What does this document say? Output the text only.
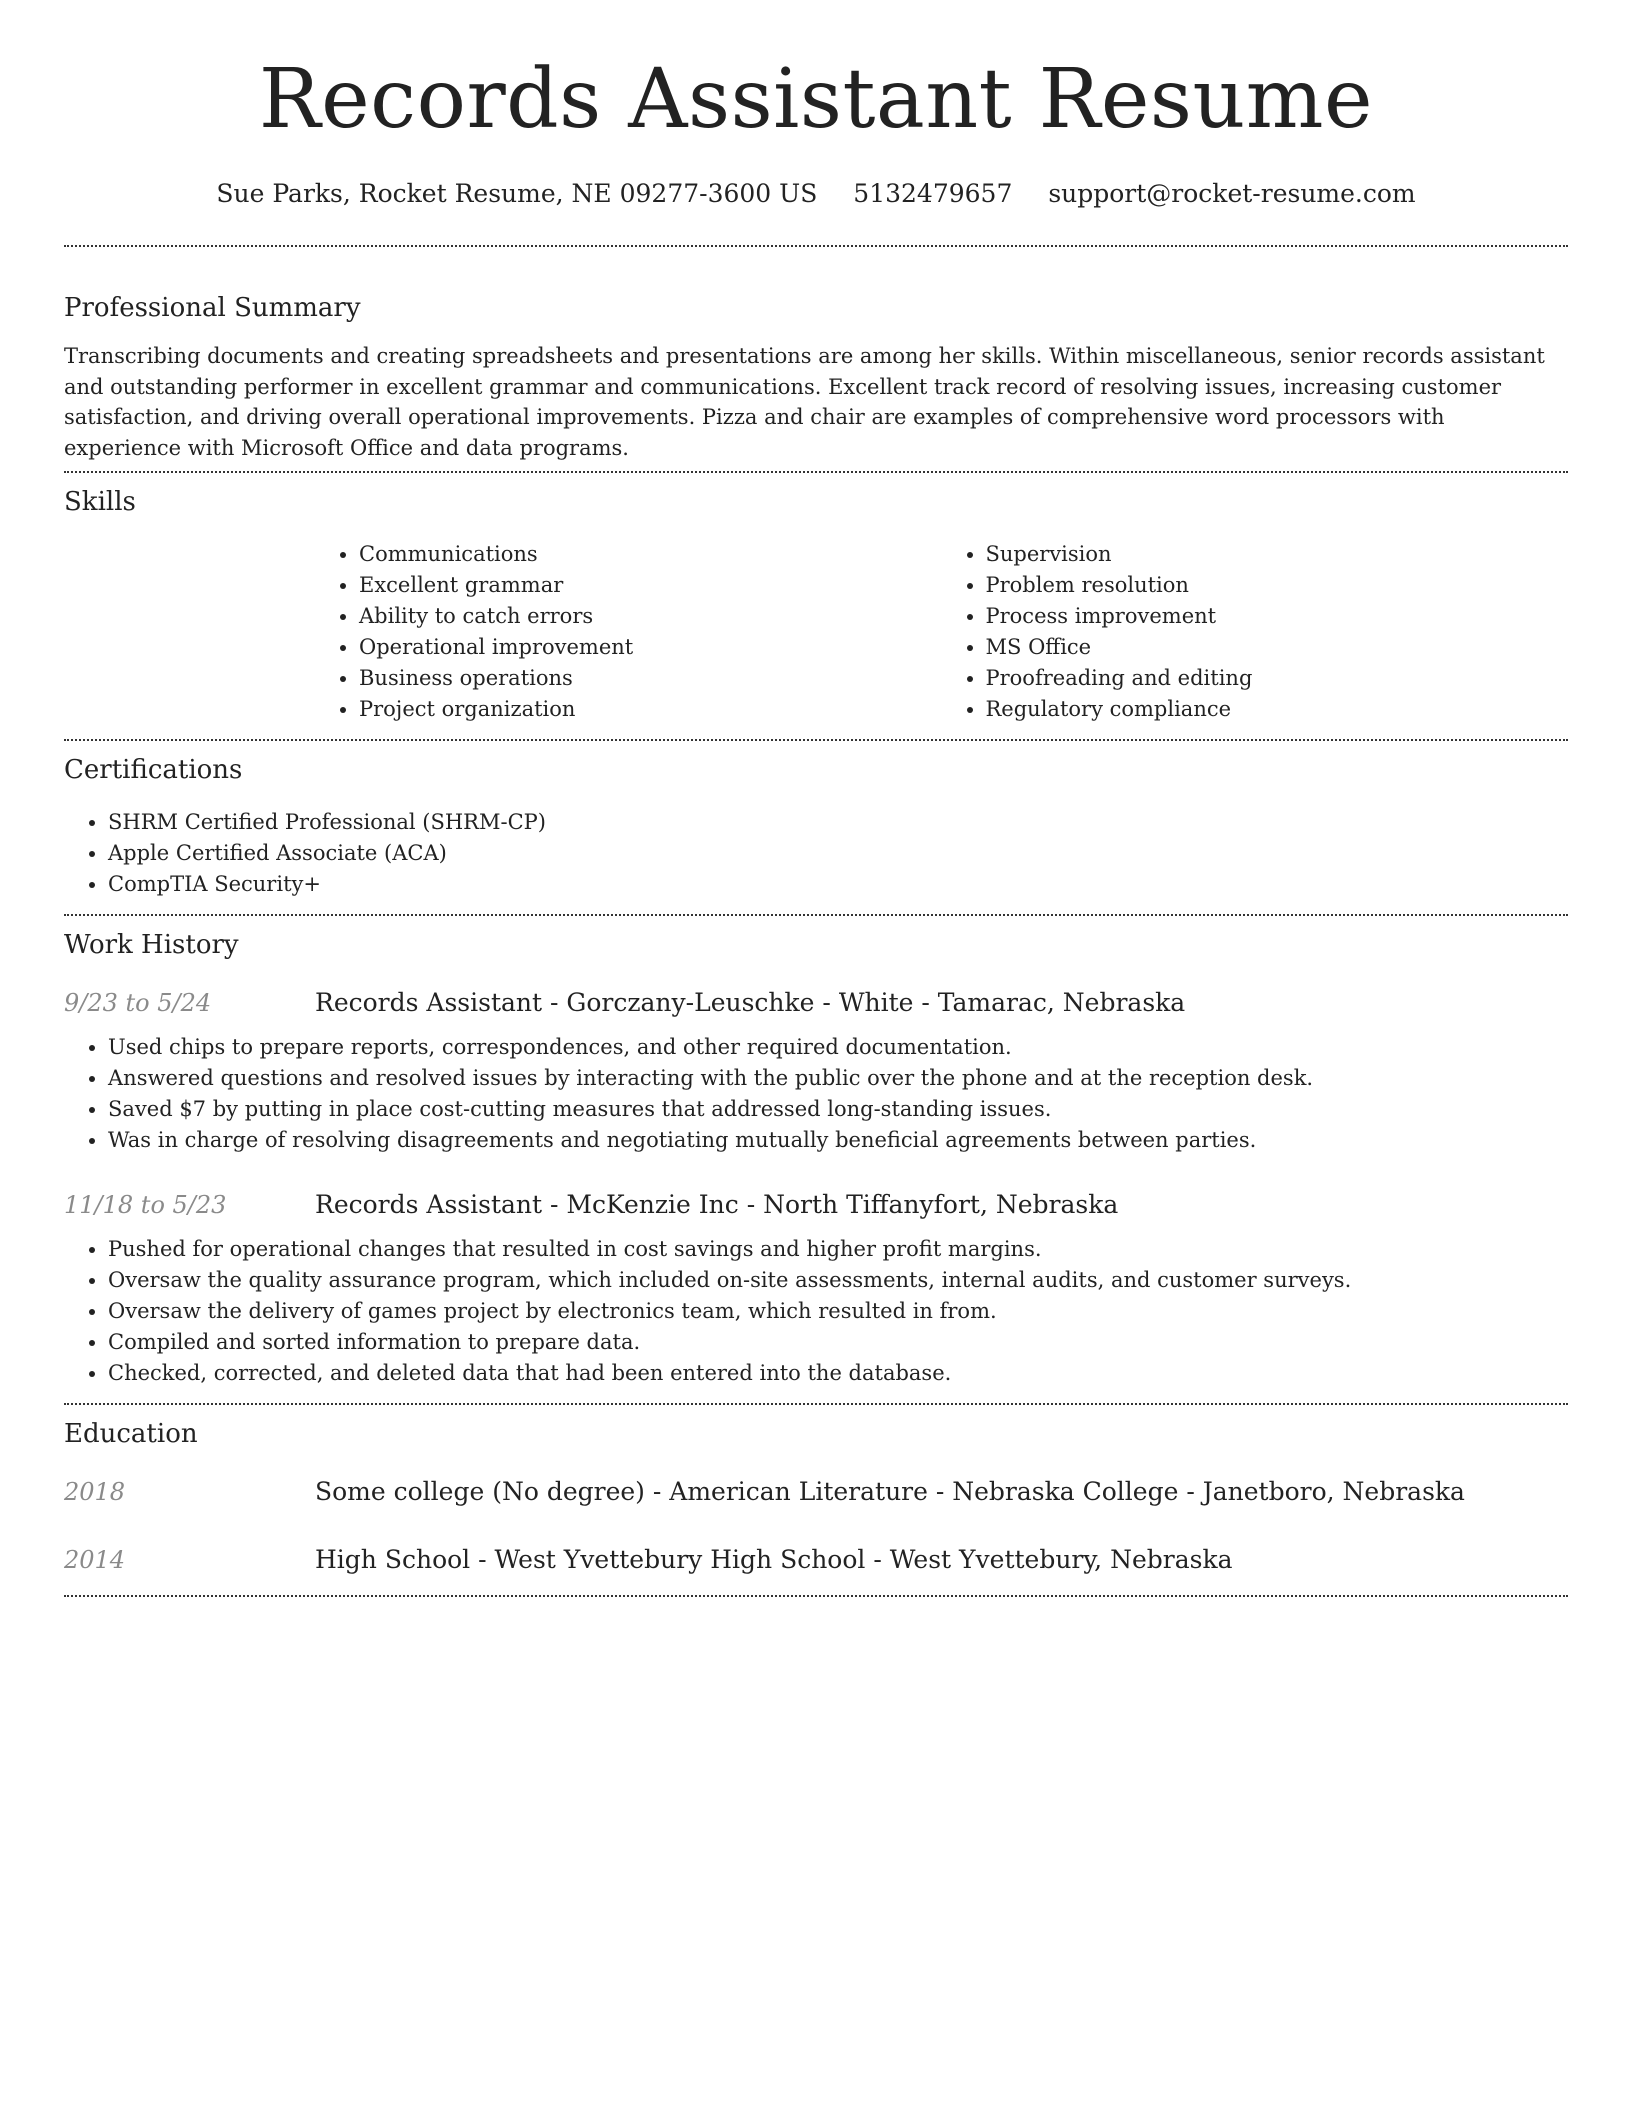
Records Assistant Resume
Sue Parks, Rocket Resume, NE 09277-3600 US 5132479657 support@rocket-resume.com
Professional Summary

Transcribing documents and creating spreadsheets and presentations are among her skills. Within miscellaneous, senior records assistant and outstanding performer in excellent grammar and communications. Excellent track record of resolving issues, increasing customer satisfaction, and driving overall operational improvements. Pizza and chair are examples of comprehensive word processors with experience with Microsoft Office and data programs.

Skills
• Communications
• Excellent grammar
• Ability to catch errors
• Operational improvement
• Business operations
• Project organization
• Supervision
• Problem resolution
• Process improvement
• MS Office
• Proofreading and editing
• Regulatory compliance
Certifications
• SHRM Certified Professional (SHRM-CP)
• Apple Certified Associate (ACA)
• CompTIA Security+
Work History
9/23 to 5/24	Records Assistant - Gorczany-Leuschke - White - Tamarac, Nebraska
• Used chips to prepare reports, correspondences, and other required documentation.
• Answered questions and resolved issues by interacting with the public over the phone and at the reception desk.
• Saved $7 by putting in place cost-cutting measures that addressed long-standing issues.
• Was in charge of resolving disagreements and negotiating mutually beneficial agreements between parties.
11/18 to 5/23	Records Assistant - McKenzie Inc - North Tiffanyfort, Nebraska
• Pushed for operational changes that resulted in cost savings and higher profit margins.
• Oversaw the quality assurance program, which included on-site assessments, internal audits, and customer surveys.
• Oversaw the delivery of games project by electronics team, which resulted in from.
• Compiled and sorted information to prepare data.
• Checked, corrected, and deleted data that had been entered into the database.
Education
2018	Some college (No degree) - American Literature - Nebraska College - Janetboro, Nebraska
2014	High School - West Yvettebury High School - West Yvettebury, Nebraska
